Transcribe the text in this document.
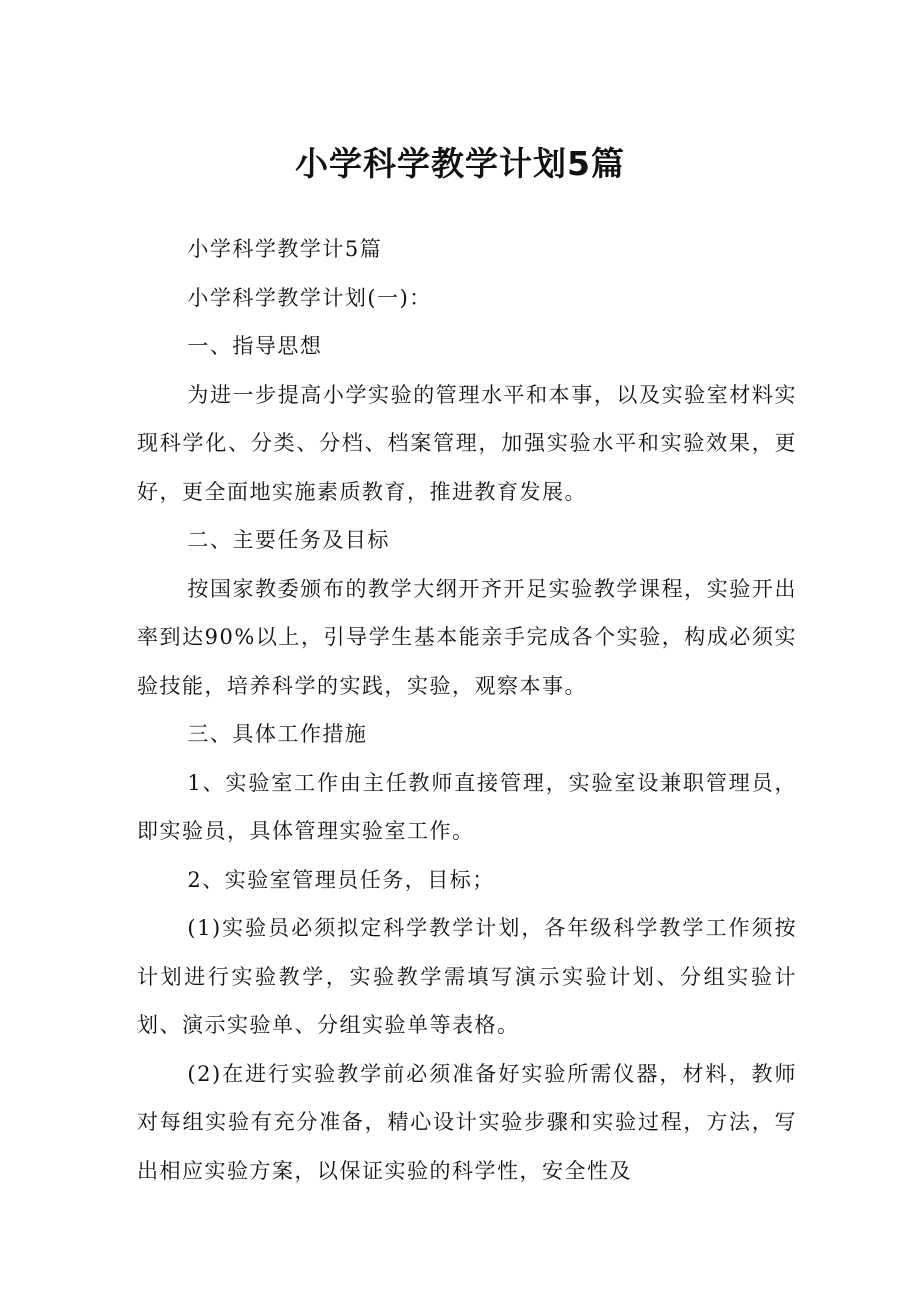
小学科学教学计划5篇

小学科学教学计5篇

小学科学教学计划(一)：

一、指导思想

为进一步提高小学实验的管理水平和本事，以及实验室材料实现科学化、分类、分档、档案管理，加强实验水平和实验效果，更好，更全面地实施素质教育，推进教育发展。

二、主要任务及目标

按国家教委颁布的教学大纲开齐开足实验教学课程，实验开出率到达90%以上，引导学生基本能亲手完成各个实验，构成必须实验技能，培养科学的实践，实验，观察本事。

三、具体工作措施

1、实验室工作由主任教师直接管理，实验室设兼职管理员，即实验员，具体管理实验室工作。

2、实验室管理员任务，目标；

(1)实验员必须拟定科学教学计划，各年级科学教学工作须按计划进行实验教学，实验教学需填写演示实验计划、分组实验计划、演示实验单、分组实验单等表格。

(2)在进行实验教学前必须准备好实验所需仪器，材料，教师对每组实验有充分准备，精心设计实验步骤和实验过程，方法，写出相应实验方案，以保证实验的科学性，安全性及
